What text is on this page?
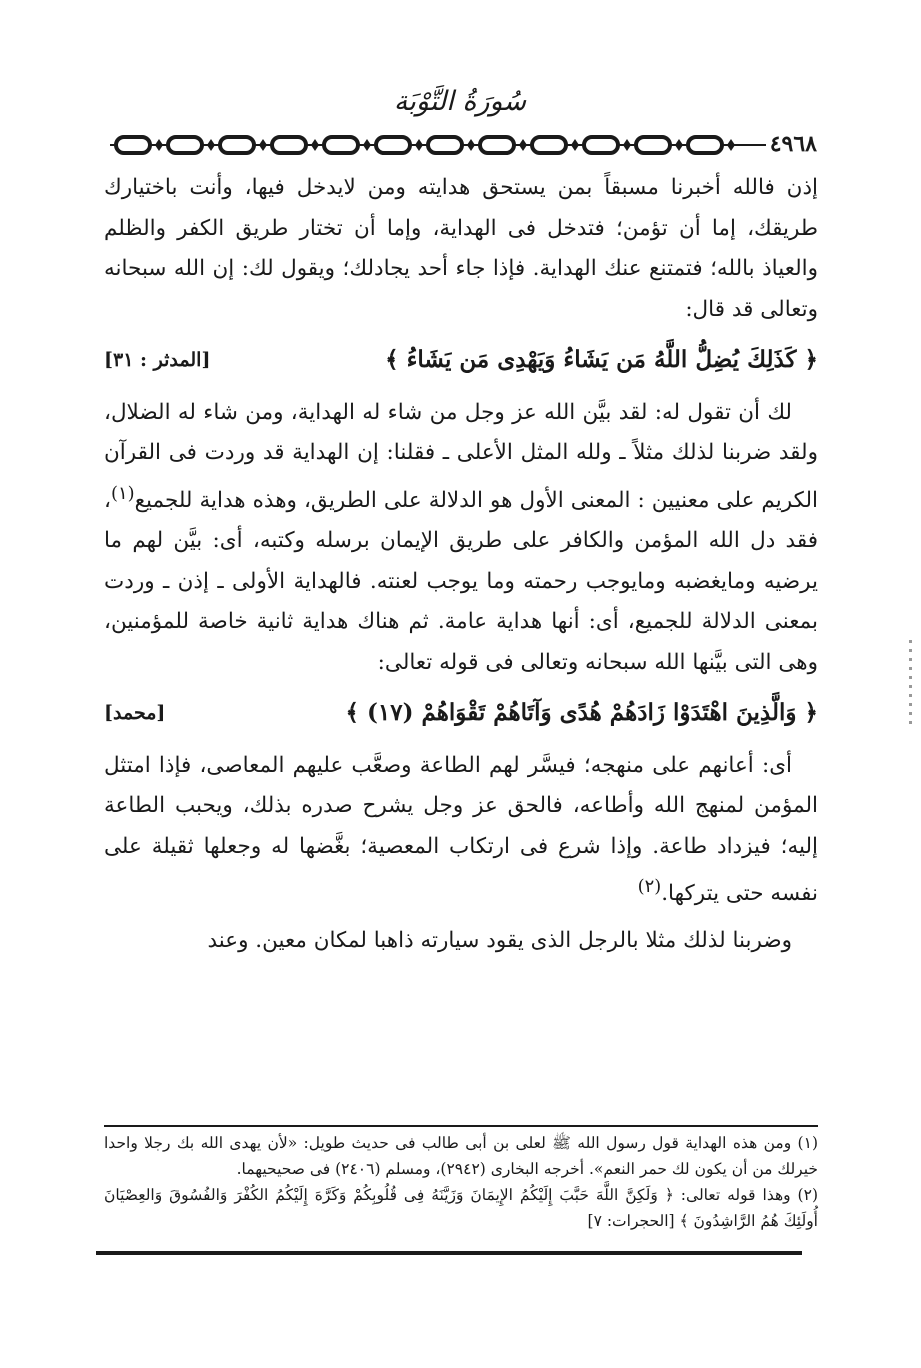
سُورَةُ التَّوْبَة
٤٩٦٨

إذن فالله أخبرنا مسبقاً بمن يستحق هدايته ومن لايدخل فيها، وأنت باختيارك طريقك، إما أن تؤمن؛ فتدخل فى الهداية، وإما أن تختار طريق الكفر والظلم والعياذ بالله؛ فتمتنع عنك الهداية. فإذا جاء أحد يجادلك؛ ويقول لك: إن الله سبحانه وتعالى قد قال:

﴿ كَذَلِكَ يُضِلُّ اللَّهُ مَن يَشَاءُ وَيَهْدِى مَن يَشَاءُ ﴾
[المدثر : ٣١]

لك أن تقول له: لقد بيَّن الله عز وجل من شاء له الهداية، ومن شاء له الضلال، ولقد ضربنا لذلك مثلاً ـ ولله المثل الأعلى ـ فقلنا: إن الهداية قد وردت فى القرآن الكريم على معنيين : المعنى الأول هو الدلالة على الطريق، وهذه هداية للجميع$^{(١)}$، فقد دل الله المؤمن والكافر على طريق الإيمان برسله وكتبه، أى: بيَّن لهم ما يرضيه ومايغضبه ومايوجب رحمته وما يوجب لعنته. فالهداية الأولى ـ إذن ـ وردت بمعنى الدلالة للجميع، أى: أنها هداية عامة. ثم هناك هداية ثانية خاصة للمؤمنين، وهى التى بيَّنها الله سبحانه وتعالى فى قوله تعالى:

﴿ وَالَّذِينَ اهْتَدَوْا زَادَهُمْ هُدًى وَآتَاهُمْ تَقْوَاهُمْ (١٧) ﴾
[محمد]

أى: أعانهم على منهجه؛ فيسَّر لهم الطاعة وصعَّب عليهم المعاصى، فإذا امتثل المؤمن لمنهج الله وأطاعه، فالحق عز وجل يشرح صدره بذلك، ويحبب الطاعة إليه؛ فيزداد طاعة. وإذا شرع فى ارتكاب المعصية؛ بغَّضها له وجعلها ثقيلة على نفسه حتى يتركها.$^{(٢)}$

وضربنا لذلك مثلا بالرجل الذى يقود سيارته ذاهبا لمكان معين. وعند

(١) ومن هذه الهداية قول رسول الله ﷺ لعلى بن أبى طالب فى حديث طويل: «لأن يهدى الله بك رجلا واحدا خيرلك من أن يكون لك حمر النعم». أخرجه البخارى (٢٩٤٢)، ومسلم (٢٤٠٦) فى صحيحيهما.

(٢) وهذا قوله تعالى: ﴿ وَلَكِنَّ اللَّهَ حَبَّبَ إِلَيْكُمُ الإِيمَانَ وَزَيَّنَهُ فِى قُلُوبِكُمْ وَكَرَّهَ إِلَيْكُمُ الكُفْرَ وَالفُسُوقَ وَالعِصْيَانَ أُولَئِكَ هُمُ الرَّاشِدُونَ ﴾ [الحجرات: ٧]
